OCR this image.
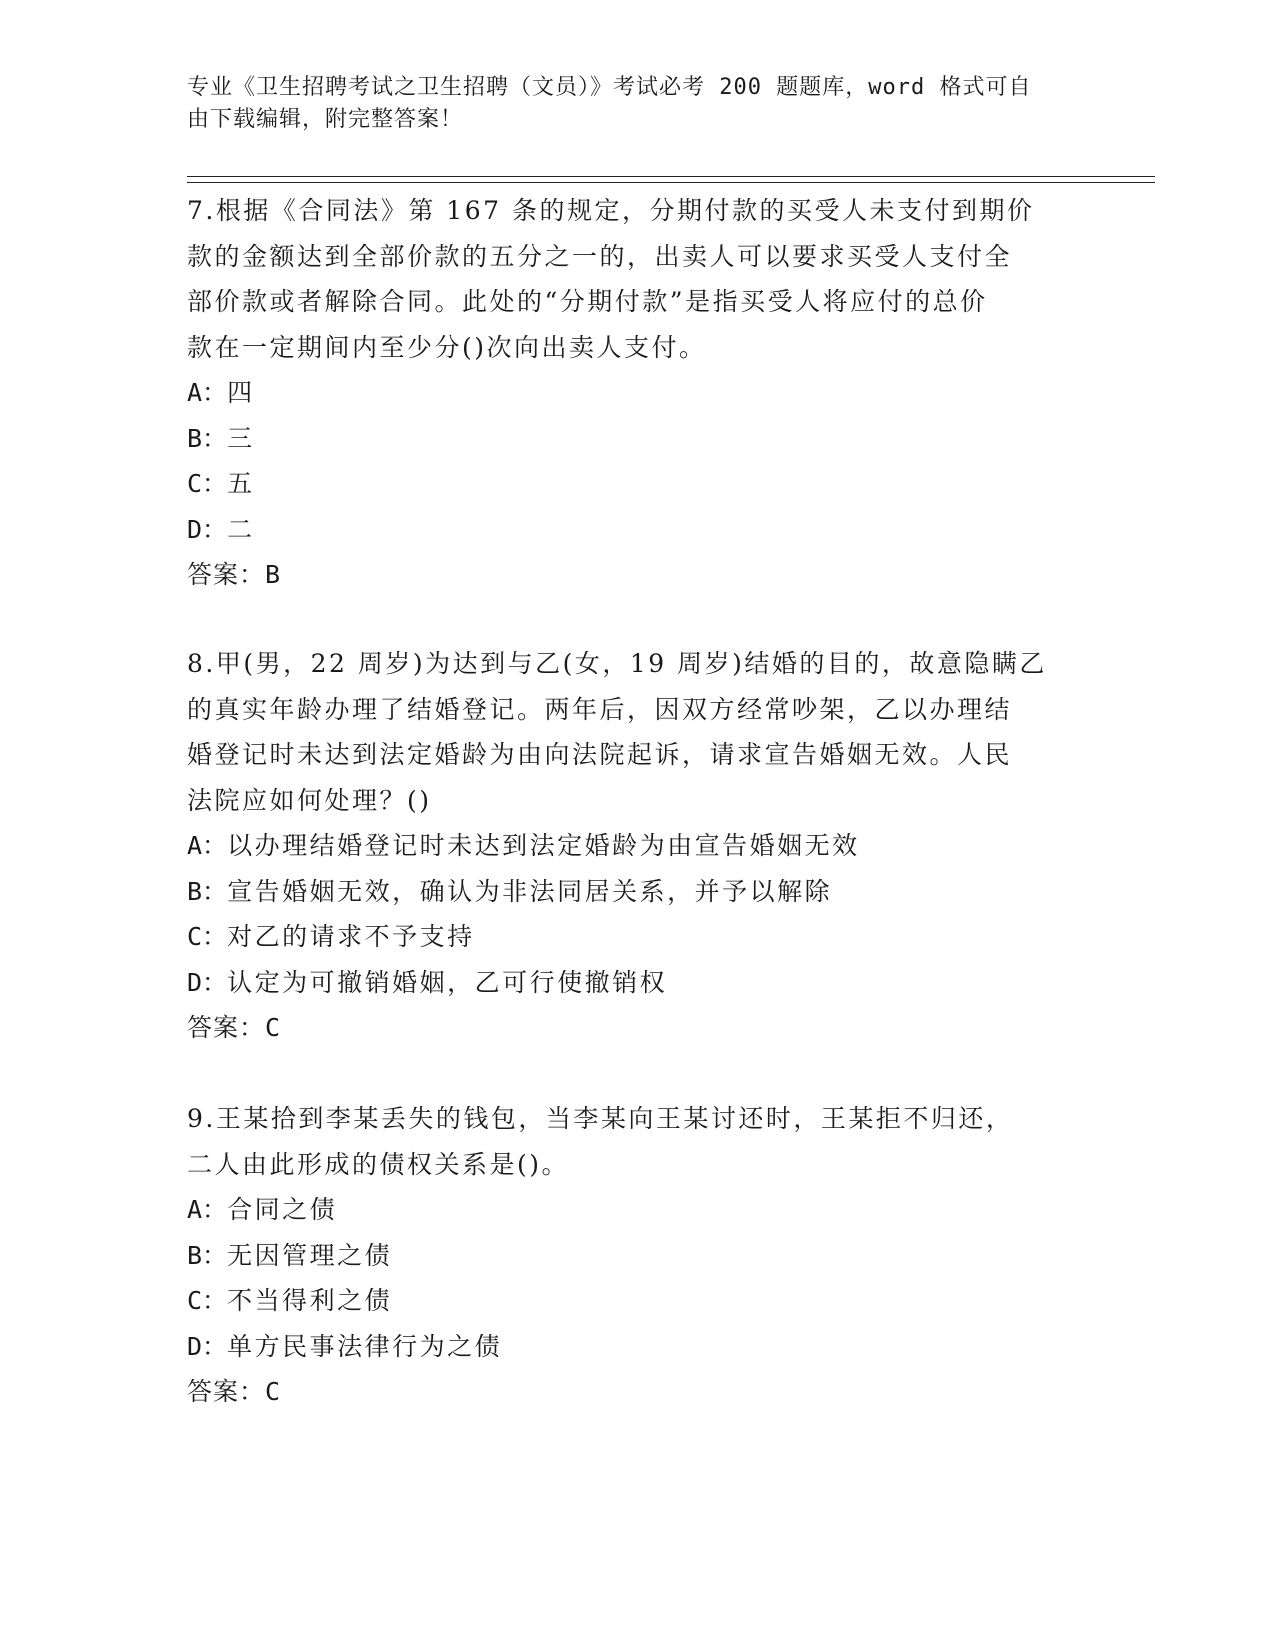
专业《卫生招聘考试之卫生招聘（文员）》考试必考 200 题题库，word 格式可自
由下载编辑，附完整答案！
7.根据《合同法》第 167 条的规定，分期付款的买受人未支付到期价
款的金额达到全部价款的五分之一的，出卖人可以要求买受人支付全
部价款或者解除合同。此处的“分期付款”是指买受人将应付的总价
款在一定期间内至少分()次向出卖人支付。
A：四
B：三
C：五
D：二
答案：B
8.甲(男，22 周岁)为达到与乙(女，19 周岁)结婚的目的，故意隐瞒乙
的真实年龄办理了结婚登记。两年后，因双方经常吵架，乙以办理结
婚登记时未达到法定婚龄为由向法院起诉，请求宣告婚姻无效。人民
法院应如何处理？()
A：以办理结婚登记时未达到法定婚龄为由宣告婚姻无效
B：宣告婚姻无效，确认为非法同居关系，并予以解除
C：对乙的请求不予支持
D：认定为可撤销婚姻，乙可行使撤销权
答案：C
9.王某拾到李某丢失的钱包，当李某向王某讨还时，王某拒不归还，
二人由此形成的债权关系是()。
A：合同之债
B：无因管理之债
C：不当得利之债
D：单方民事法律行为之债
答案：C
